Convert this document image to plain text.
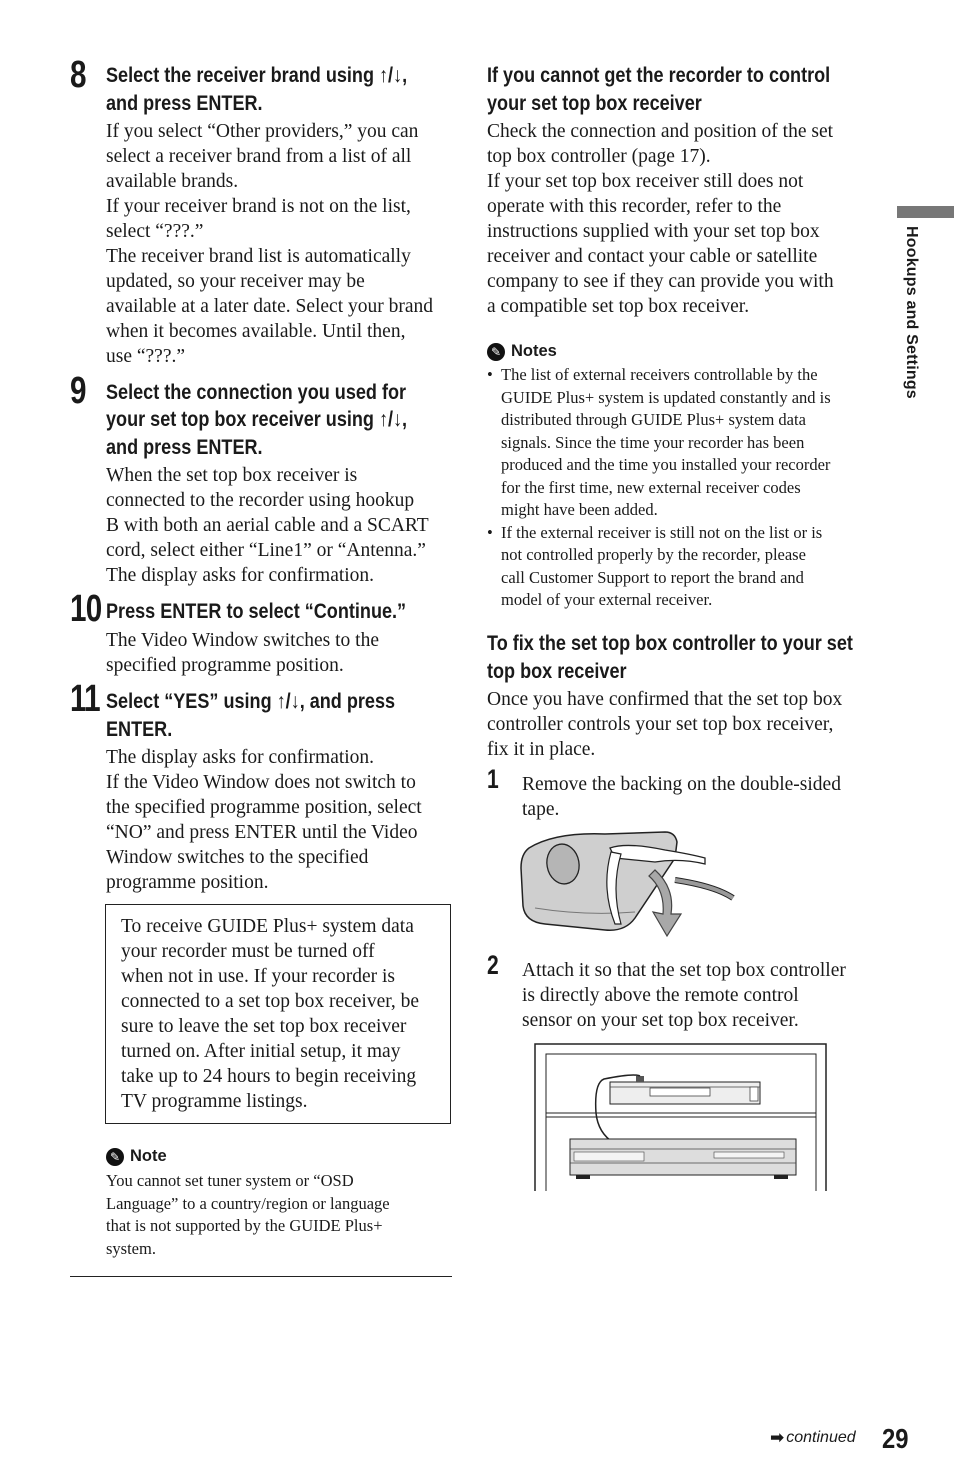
Hookups and Settings
8 Select the receiver brand using ↑/↓,
and press ENTER.

If you select “Other providers,” you can

select a receiver brand from a list of all

available brands.

If your receiver brand is not on the list,

select “???.”

The receiver brand list is automatically

updated, so your receiver may be

available at a later date. Select your brand

when it becomes available. Until then,

use “???.”

9 Select the connection you used for
your set top box receiver using ↑/↓,
and press ENTER.

When the set top box receiver is

connected to the recorder using hookup

B with both an aerial cable and a SCART

cord, select either “Line1” or “Antenna.”

The display asks for confirmation.

10 Press ENTER to select “Continue.”

The Video Window switches to the

specified programme position.

11 Select “YES” using ↑/↓, and press
ENTER.

The display asks for confirmation.

If the Video Window does not switch to

the specified programme position, select

“NO” and press ENTER until the Video

Window switches to the specified

programme position.

To receive GUIDE Plus+ system data

your recorder must be turned off

when not in use. If your recorder is

connected to a set top box receiver, be

sure to leave the set top box receiver

turned on. After initial setup, it may

take up to 24 hours to begin receiving

TV programme listings.

✎ Note
You cannot set tuner system or “OSD
Language” to a country/region or language
that is not supported by the GUIDE Plus+
system.
If you cannot get the recorder to control
your set top box receiver

Check the connection and position of the set

top box controller (page 17).

If your set top box receiver still does not

operate with this recorder, refer to the

instructions supplied with your set top box

receiver and contact your cable or satellite

company to see if they can provide you with

a compatible set top box receiver.

✎ Notes
• The list of external receivers controllable by the
GUIDE Plus+ system is updated constantly and is
distributed through GUIDE Plus+ system data
signals. Since the time your recorder has been
produced and the time you installed your recorder
for the first time, new external receiver codes
might have been added.
• If the external receiver is still not on the list or is
not controlled properly by the recorder, please
call Customer Support to report the brand and
model of your external receiver.
To fix the set top box controller to your set
top box receiver

Once you have confirmed that the set top box

controller controls your set top box receiver,

fix it in place.

1 Remove the backing on the double-sided

tape.

2 Attach it so that the set top box controller

is directly above the remote control

sensor on your set top box receiver.

➡ continued 29
